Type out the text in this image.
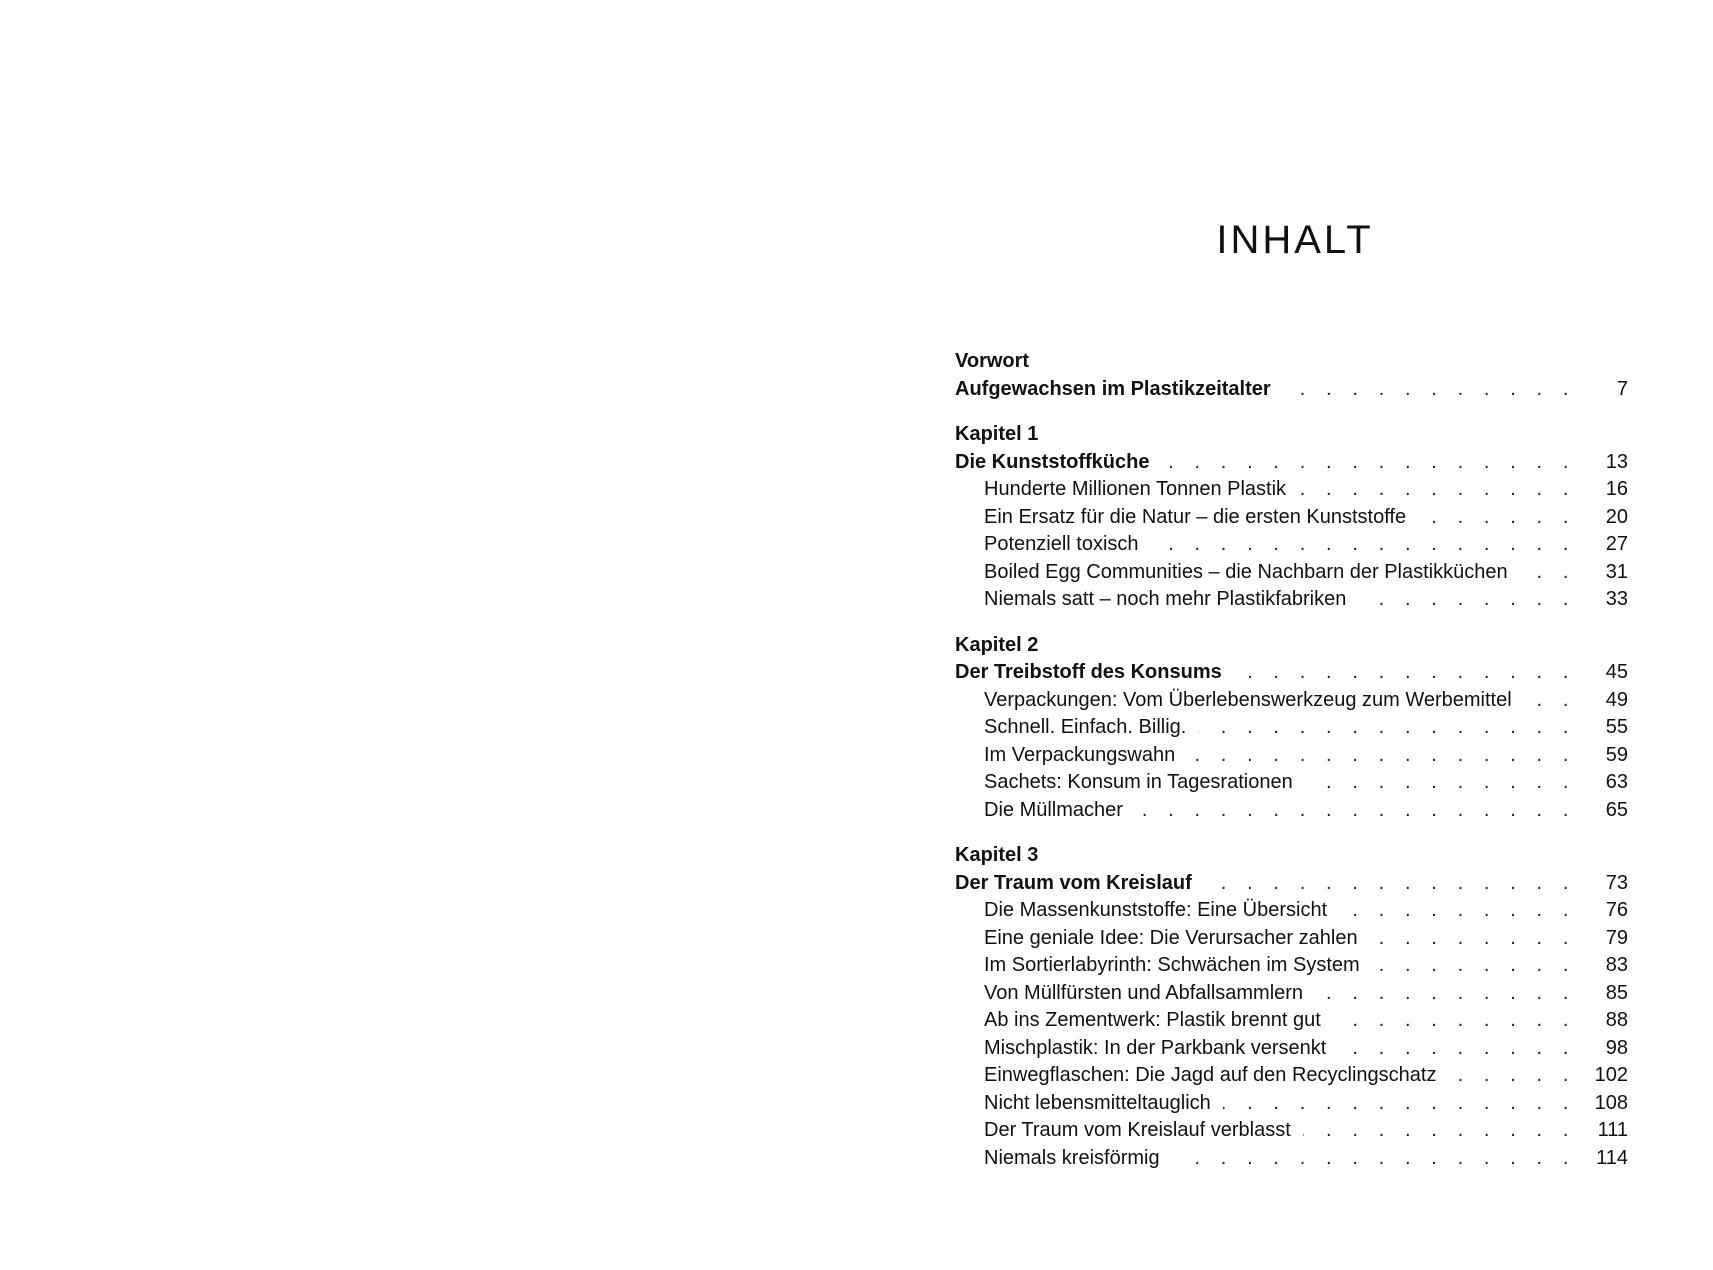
INHALT
Vorwort
Aufgewachsen im Plastikzeitalter . . .	7
Kapitel 1
Die Kunststoffküche . . .	13
Hunderte Millionen Tonnen Plastik . . .	16
Ein Ersatz für die Natur – die ersten Kunststoffe . . .	20
Potenziell toxisch . . .	27
Boiled Egg Communities – die Nachbarn der Plastikküchen . . .	31
Niemals satt – noch mehr Plastikfabriken . . .	33
Kapitel 2
Der Treibstoff des Konsums . . .	45
Verpackungen: Vom Überlebenswerkzeug zum Werbemittel . . .	49
Schnell. Einfach. Billig. . . .	55
Im Verpackungswahn . . .	59
Sachets: Konsum in Tagesrationen . . .	63
Die Müllmacher . . .	65
Kapitel 3
Der Traum vom Kreislauf . . .	73
Die Massenkunststoffe: Eine Übersicht . . .	76
Eine geniale Idee: Die Verursacher zahlen . . .	79
Im Sortierlabyrinth: Schwächen im System . . .	83
Von Müllfürsten und Abfallsammlern . . .	85
Ab ins Zementwerk: Plastik brennt gut . . .	88
Mischplastik: In der Parkbank versenkt . . .	98
Einwegflaschen: Die Jagd auf den Recyclingschatz . . .	102
Nicht lebensmitteltauglich . . .	108
Der Traum vom Kreislauf verblasst . . .	111
Niemals kreisförmig . . .	114
